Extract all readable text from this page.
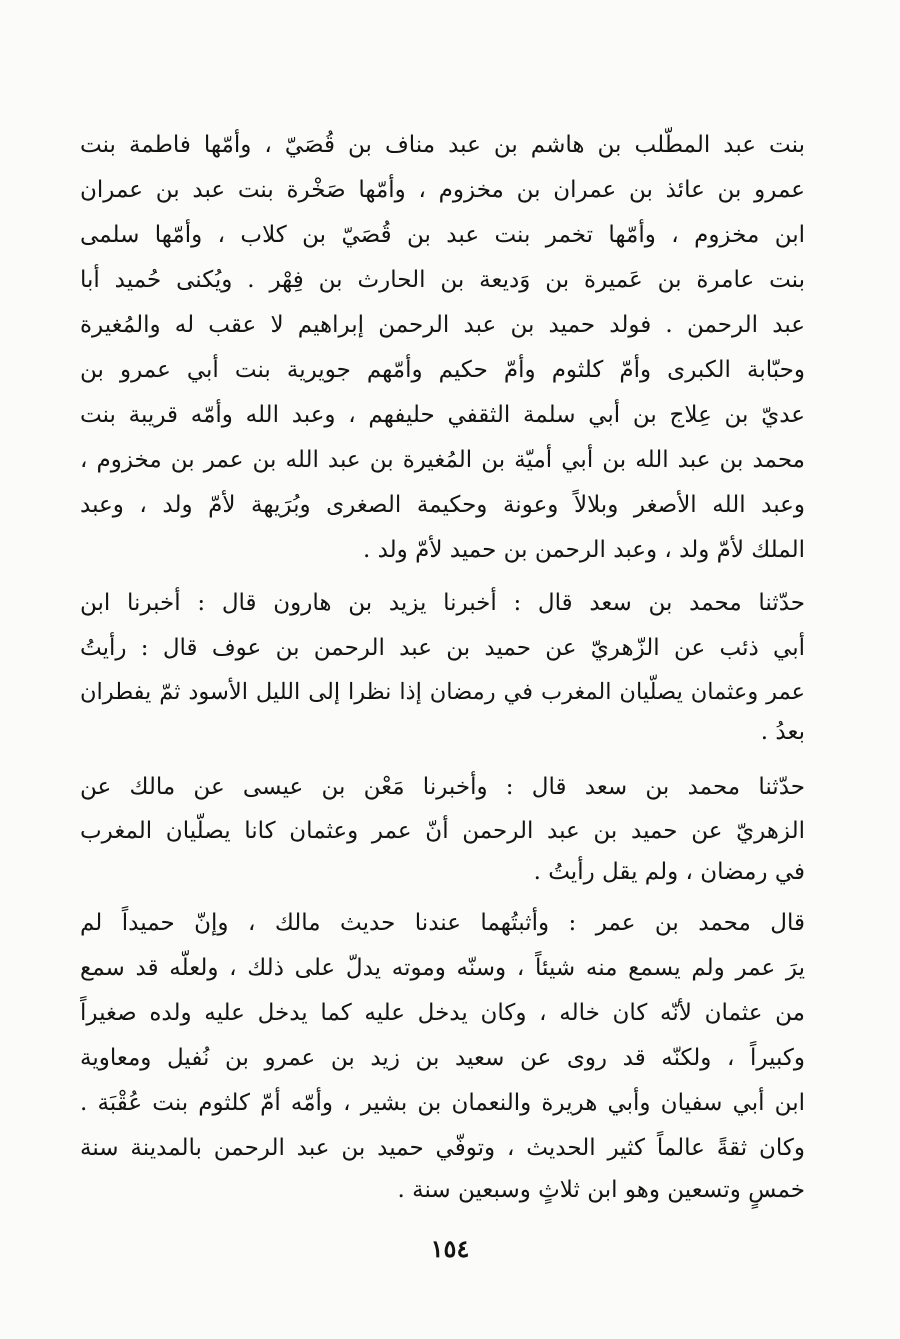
بنت عبد المطّلب بن هاشم بن عبد مناف بن قُصَيّ ، وأمّها فاطمة بنت
عمرو بن عائذ بن عمران بن مخزوم ، وأمّها صَخْرة بنت عبد بن عمران
ابن مخزوم ، وأمّها تخمر بنت عبد بن قُصَيّ بن كلاب ، وأمّها سلمى
بنت عامرة بن عَميرة بن وَديعة بن الحارث بن فِهْر . ويُكنى حُميد أبا
عبد الرحمن . فولد حميد بن عبد الرحمن إبراهيم لا عقب له والمُغيرة
وحبّابة الكبرى وأمّ كلثوم وأمّ حكيم وأمّهم جويرية بنت أبي عمرو بن
عديّ بن عِلاج بن أبي سلمة الثقفي حليفهم ، وعبد الله وأمّه قريبة بنت
محمد بن عبد الله بن أبي أميّة بن المُغيرة بن عبد الله بن عمر بن مخزوم ،
وعبد الله الأصغر وبلالاً وعونة وحكيمة الصغرى وبُرَيهة لأمّ ولد ، وعبد
الملك لأمّ ولد ، وعبد الرحمن بن حميد لأمّ ولد .
حدّثنا محمد بن سعد قال : أخبرنا يزيد بن هارون قال : أخبرنا ابن
أبي ذئب عن الزّهريّ عن حميد بن عبد الرحمن بن عوف قال : رأيتُ
عمر وعثمان يصلّيان المغرب في رمضان إذا نظرا إلى الليل الأسود ثمّ يفطران
بعدُ .
حدّثنا محمد بن سعد قال : وأخبرنا مَعْن بن عيسى عن مالك عن
الزهريّ عن حميد بن عبد الرحمن أنّ عمر وعثمان كانا يصلّيان المغرب
في رمضان ، ولم يقل رأيتُ .
قال محمد بن عمر : وأثبتُهما عندنا حديث مالك ، وإنّ حميداً لم
يرَ عمر ولم يسمع منه شيئاً ، وسنّه وموته يدلّ على ذلك ، ولعلّه قد سمع
من عثمان لأنّه كان خاله ، وكان يدخل عليه كما يدخل عليه ولده صغيراً
وكبيراً ، ولكنّه قد روى عن سعيد بن زيد بن عمرو بن نُفيل ومعاوية
ابن أبي سفيان وأبي هريرة والنعمان بن بشير ، وأمّه أمّ كلثوم بنت عُقْبَة .
وكان ثقةً عالماً كثير الحديث ، وتوفّي حميد بن عبد الرحمن بالمدينة سنة
خمسٍ وتسعين وهو ابن ثلاثٍ وسبعين سنة .
١٥٤
